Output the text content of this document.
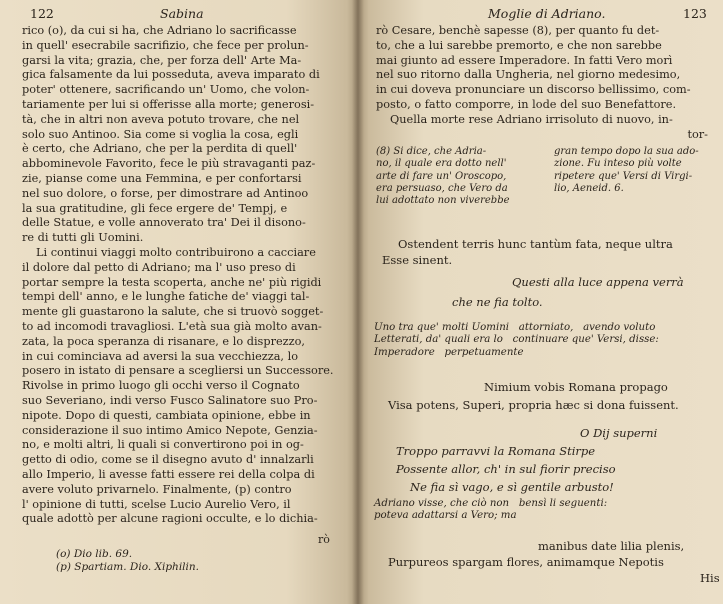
122	Sabina
rico (o), da cui si ha, che Adriano lo sacrificasse
in quell' esecrabile sacrifizio, che fece per prolun-
garsi la vita; grazia, che, per forza dell' Arte Ma-
gica falsamente da lui posseduta, aveva imparato di
poter' ottenere, sacrificando un' Uomo, che volon-
tariamente per lui si offerisse alla morte; generosi-
tà, che in altri non aveva potuto trovare, che nel
solo suo Antinoo. Sia come si voglia la cosa, egli
è certo, che Adriano, che per la perdita di quell'
abbominevole Favorito, fece le più stravaganti paz-
zie, pianse come una Femmina, e per confortarsi
nel suo dolore, o forse, per dimostrare ad Antinoo
la sua gratitudine, gli fece ergere de' Tempj, e
delle Statue, e volle annoverato tra' Dei il disono-
re di tutti gli Uomini.
Li continui viaggi molto contribuirono a cacciare
il dolore dal petto di Adriano; ma l' uso preso di
portar sempre la testa scoperta, anche ne' più rigidi
tempi dell' anno, e le lunghe fatiche de' viaggi tal-
mente gli guastarono la salute, che si truovò sogget-
to ad incomodi travagliosi. L'età sua già molto avan-
zata, la poca speranza di risanare, e lo disprezzo,
in cui cominciava ad aversi la sua vecchiezza, lo
posero in istato di pensare a scegliersi un Successore.
Rivolse in primo luogo gli occhi verso il Cognato
suo Severiano, indi verso Fusco Salinatore suo Pro-
nipote. Dopo di questi, cambiata opinione, ebbe in
considerazione il suo intimo Amico Nepote, Genzia-
no, e molti altri, li quali si convertirono poi in og-
getto di odio, come se il disegno avuto d' innalzarli
allo Imperio, li avesse fatti essere rei della colpa di
avere voluto privarnelo. Finalmente, (p) contro
l' opinione di tutti, scelse Lucio Aurelio Vero, il
quale adottò per alcune ragioni occulte, e lo dichia-
rò
(o) Dio lib. 69.
(p) Spartiam. Dio. Xiphilin.
Moglie di Adriano.	123
rò Cesare, benchè sapesse (8), per quanto fu det-
to, che a lui sarebbe premorto, e che non sarebbe
mai giunto ad essere Imperadore. In fatti Vero morì
nel suo ritorno dalla Ungheria, nel giorno medesimo,
in cui doveva pronunciare un discorso bellissimo, com-
posto, o fatto comporre, in lode del suo Benefattore.
Quella morte rese Adriano irrisoluto di nuovo, in-
tor-
(8) Si dice, che Adria-
no, il quale era dotto nell'
arte di fare un' Oroscopo,
era persuaso, che Vero da
lui adottato non viverebbe
gran tempo dopo la sua ado-
zione. Fu inteso più volte
ripetere que' Versi di Virgi-
lio, Aeneid. 6.
Ostendent terris hunc tantùm fata, neque ultra
Esse sinent.
Questi alla luce appena verrà
che ne fia tolto.
Uno tra que' molti Uomini   attorniato,   avendo voluto
Letterati, da' quali era lo   continuare que' Versi, disse:
Imperadore   perpetuamente
Nimium vobis Romana propago
Visa potens, Superi, propria hæc si dona fuissent.
O Dij superni
Troppo parravvi la Romana Stirpe
Possente allor, ch' in sul fiorir preciso
Ne fia sì vago, e sì gentile arbusto!
Adriano visse, che ciò non   bensì li seguenti:
poteva adattarsi a Vero; ma
manibus date lilia plenis,
Purpureos spargam flores, animamque Nepotis
His
